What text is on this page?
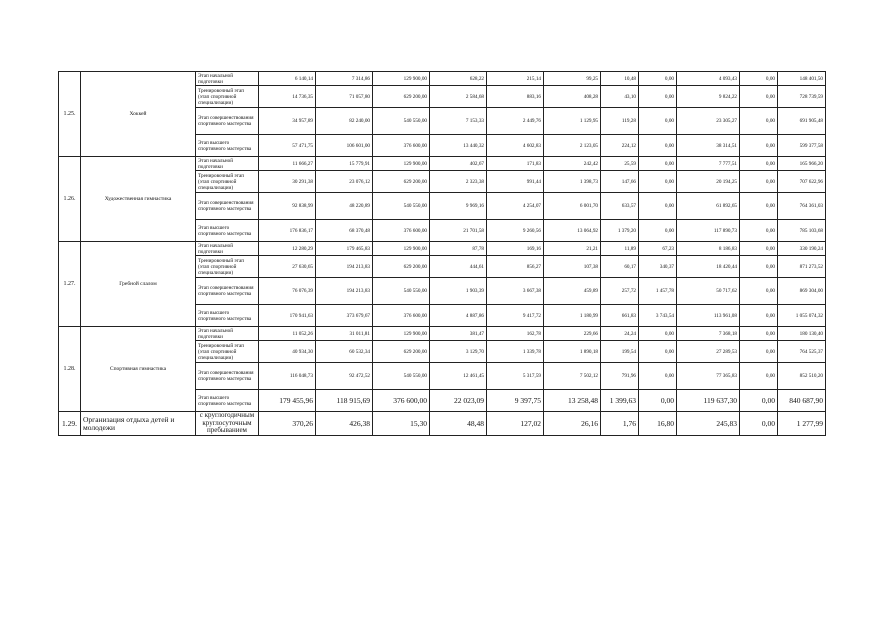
1.25.	Хоккей	Этап начальной подготовки	6 140,14	7 314,86	129 900,00	628,22	215,14	99,25	10,48	0,00	4 093,43	0,00	148 401,50
		Тренировочный этап (этап спортивной специализации)	14 736,35	71 057,80	629 200,00	2 584,68	883,16	408,28	43,10	0,00	9 824,22	0,00	728 739,59
		Этап совершенствования спортивного мастерства	34 957,89	82 240,00	540 550,00	7 153,33	2 449,76	1 129,95	119,28	0,00	23 305,27	0,00	691 905,48
		Этап высшего спортивного мастерства	57 471,75	106 601,00	376 600,00	13 440,32	4 602,83	2 123,05	224,12	0,00	38 314,51	0,00	599 377,58
1.26.	Художественная гимнастика	Этап начальной подготовки	11 666,27	15 779,91	129 900,00	402,67	171,83	242,42	25,59	0,00	7 777,51	0,00	165 966,20
		Тренировочный этап (этап спортивной специализации)	30 291,38	23 076,12	629 200,00	2 323,38	991,44	1 398,73	147,66	0,00	20 194,25	0,00	707 622,96
		Этап совершенствования спортивного мастерства	92 838,99	48 220,89	540 550,00	9 969,16	4 254,07	6 001,70	633,57	0,00	61 892,65	0,00	764 361,03
		Этап высшего спортивного мастерства	176 836,17	68 370,48	376 600,00	21 701,58	9 260,56	13 064,92	1 379,20	0,00	117 890,73	0,00	785 103,68
1.27.	Гребной слалом	Этап начальной подготовки	12 280,29	179 465,83	129 900,00	87,78	169,16	21,21	11,89	67,23	8 186,83	0,00	330 190,24
		Тренировочный этап (этап спортивной специализации)	27 630,65	194 213,83	629 200,00	444,61	856,27	107,38	60,17	340,37	18 420,44	0,00	871 273,52
		Этап совершенствования спортивного мастерства	76 076,39	194 213,83	540 550,00	1 903,39	3 667,38	459,89	257,72	1 457,78	50 717,62	0,00	869 304,00
		Этап высшего спортивного мастерства	170 941,63	373 679,67	376 600,00	4 887,86	9 417,72	1 180,99	661,83	3 743,54	113 961,08	0,00	1 055 074,32
1.28.	Спортивная гимнастика	Этап начальной подготовки	11 052,26	31 011,81	129 900,00	381,47	162,78	229,66	24,24	0,00	7 368,18	0,00	180 130,40
		Тренировочный этап (этап спортивной специализации)	40 934,30	60 532,34	629 200,00	3 129,70	1 339,78	1 890,18	199,54	0,00	27 289,53	0,00	764 525,37
		Этап совершенствования спортивного мастерства	116 048,73	92 472,52	540 550,00	12 461,45	5 317,59	7 502,12	791,96	0,00	77 365,83	0,00	852 510,20
		Этап высшего спортивного мастерства	179 455,96	118 915,69	376 600,00	22 023,09	9 397,75	13 258,48	1 399,63	0,00	119 637,30	0,00	840 687,90
1.29.	Организация отдыха детей и молодежи	с круглогодичным круглосуточным пребыванием	370,26	426,38	15,30	48,48	127,02	26,16	1,76	16,80	245,83	0,00	1 277,99
